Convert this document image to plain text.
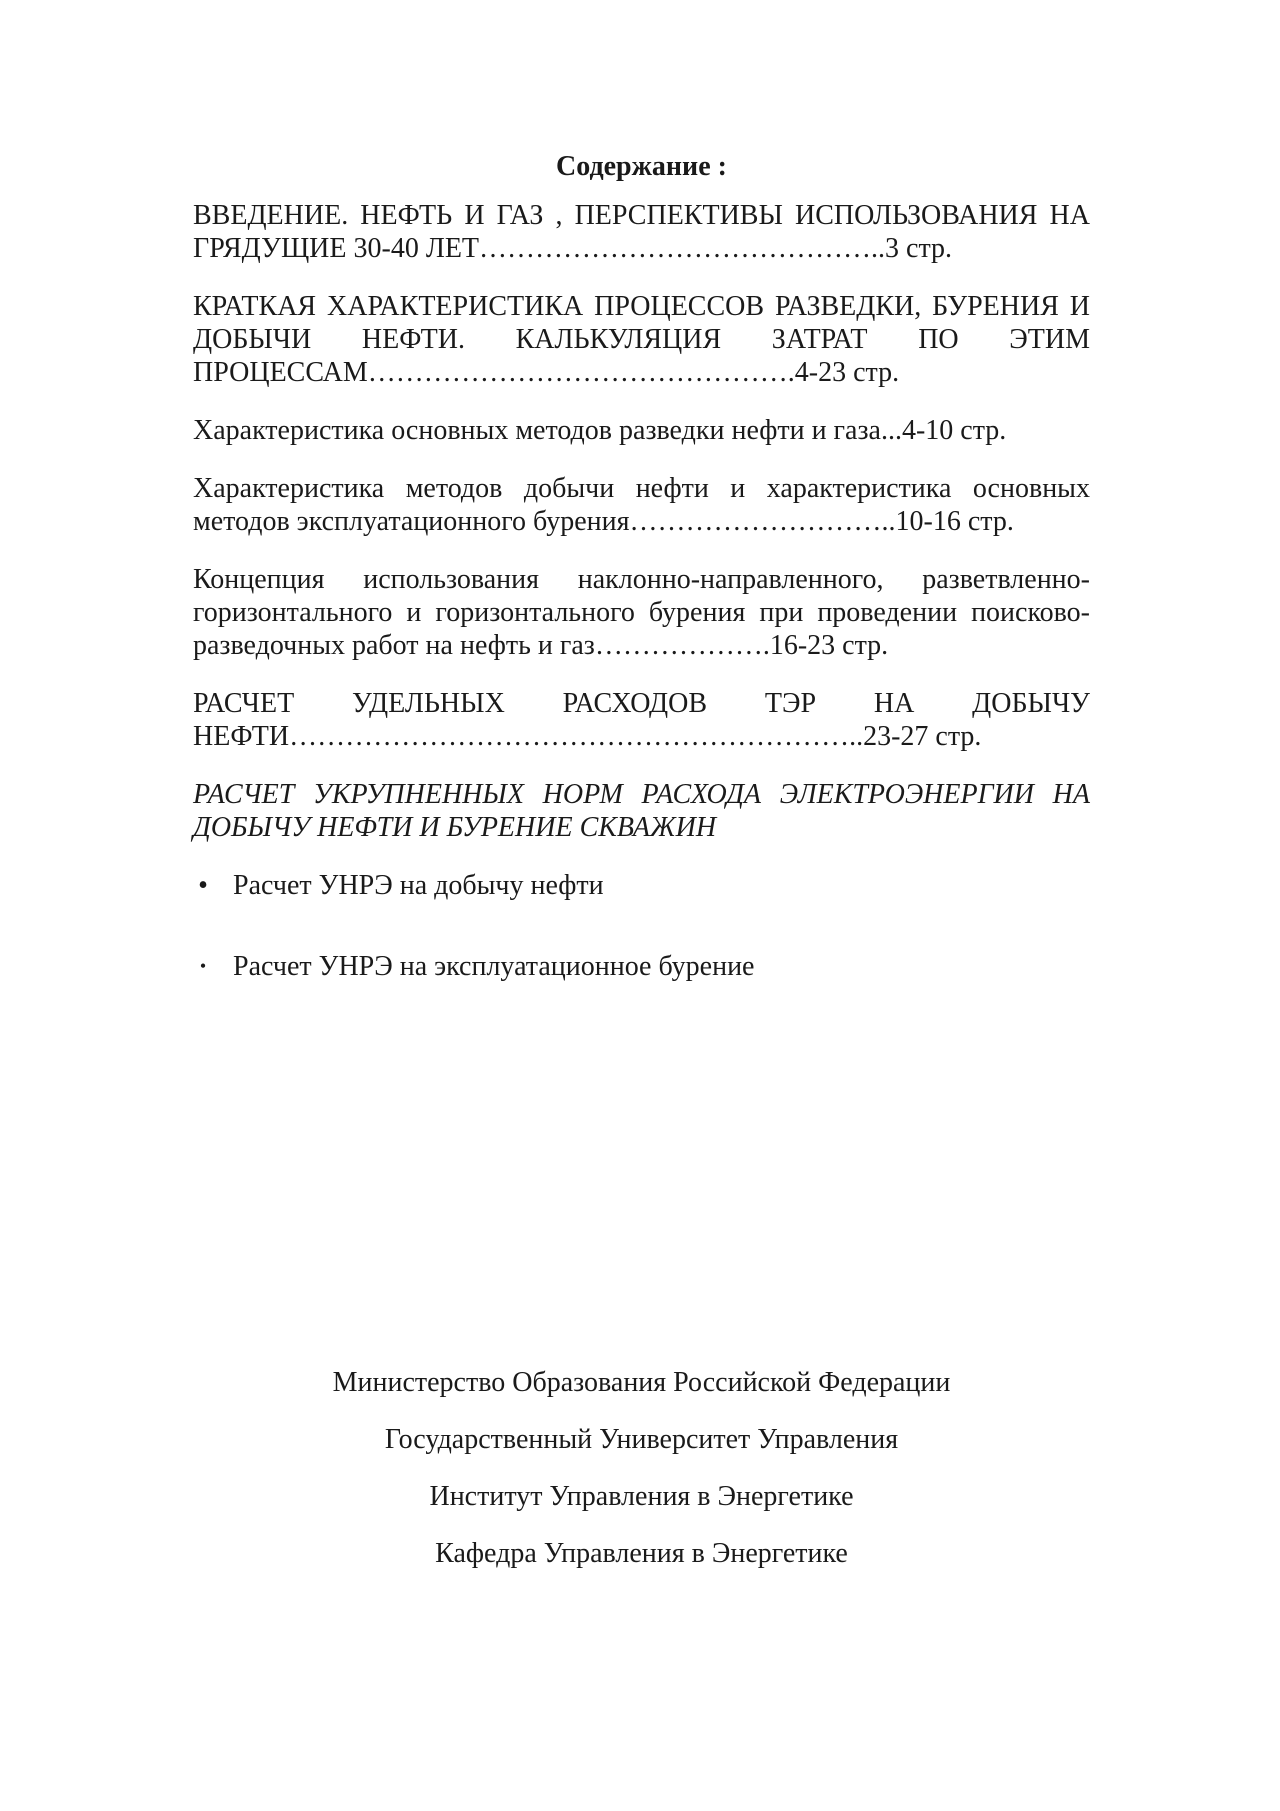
Содержание :

ВВЕДЕНИЕ. НЕФТЬ И ГАЗ , ПЕРСПЕКТИВЫ ИСПОЛЬЗОВАНИЯ НА ГРЯДУЩИЕ 30-40 ЛЕТ……………………………………..3 стр.

КРАТКАЯ ХАРАКТЕРИСТИКА ПРОЦЕССОВ РАЗВЕДКИ, БУРЕНИЯ И ДОБЫЧИ НЕФТИ. КАЛЬКУЛЯЦИЯ ЗАТРАТ ПО ЭТИМ ПРОЦЕССАМ……………………………………….4-23 стр.

Характеристика основных методов разведки нефти и газа...4-10 стр.

Характеристика методов добычи нефти и характеристика основных методов эксплуатационного бурения………………………..10-16 стр.

Концепция использования наклонно-направленного, разветвленно-горизонтального и горизонтального бурения при проведении поисково-разведочных работ на нефть и газ……………….16-23 стр.

РАСЧЕТ УДЕЛЬНЫХ РАСХОДОВ ТЭР НА ДОБЫЧУ НЕФТИ……………………………………………………..23-27 стр.

РАСЧЕТ УКРУПНЕННЫХ НОРМ РАСХОДА ЭЛЕКТРОЭНЕРГИИ НА ДОБЫЧУ НЕФТИ И БУРЕНИЕ СКВАЖИН

• Расчет УНРЭ на добычу нефти
• Расчет УНРЭ на эксплуатационное бурение

Министерство Образования Российской Федерации

Государственный Университет Управления

Институт Управления в Энергетике

Кафедра Управления в Энергетике
